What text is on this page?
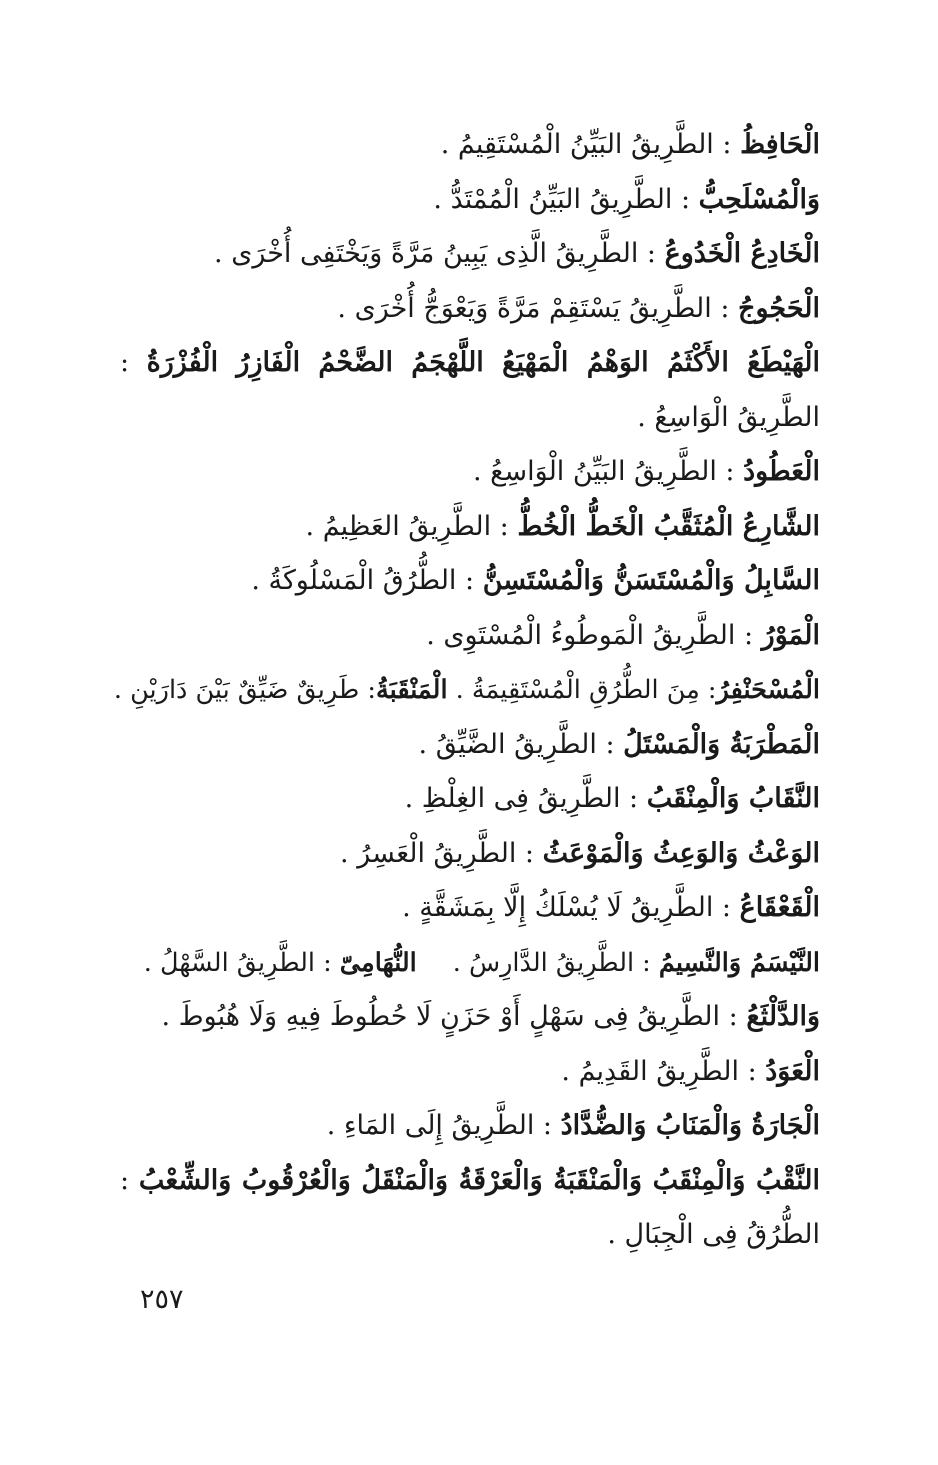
الْحَافِظُ : الطَّرِيقُ البَيِّنُ الْمُسْتَقِيمُ .

وَالْمُسْلَحِبُّ : الطَّرِيقُ البَيِّنُ الْمُمْتَدُّ .

الْخَادِعُ الْخَدُوعُ : الطَّرِيقُ الَّذِى يَبِينُ مَرَّةً وَيَخْتَفِى أُخْرَى .

الْحَجُوجُ : الطَّرِيقُ يَسْتَقِمْ مَرَّةً وَيَعْوَجُّ أُخْرَى .

الْهَيْطَعُ الأَكْثَمُ الوَهْمُ الْمَهْيَعُ اللَّهْجَمُ الضَّحْمُ الْفَازِرُ الْفُزْرَةُ : الطَّرِيقُ الْوَاسِعُ .

الْعَطُودُ : الطَّرِيقُ البَيِّنُ الْوَاسِعُ .

الشَّارِعُ الْمُثَقَّبُ الْخَطُّ الْخُطُّ : الطَّرِيقُ العَظِيمُ .

السَّابِلُ وَالْمُسْتَسَنُّ وَالْمُسْتَسِنُّ : الطُّرُقُ الْمَسْلُوكَةُ .

الْمَوْرُ : الطَّرِيقُ الْمَوطُوءُ الْمُسْتَوِى .

الْمُسْحَنْفِرُ: مِنَ الطُّرُقِ الْمُسْتَقِيمَةُ . الْمَنْقَبَةُ: طَرِيقٌ ضَيِّقٌ بَيْنَ دَارَيْنِ .

الْمَطْرَبَةُ وَالْمَسْتَلُ : الطَّرِيقُ الضَّيِّقُ .

النَّقَابُ وَالْمِنْقَبُ : الطَّرِيقُ فِى الغِلْظِ .

الوَعْثُ وَالوَعِثُ وَالْمَوْعَثُ : الطَّرِيقُ الْعَسِرُ .

الْقَعْقَاعُ : الطَّرِيقُ لَا يُسْلَكُ إِلَّا بِمَشَقَّةٍ .

النَّيْسَمُ وَالنَّسِيمُ : الطَّرِيقُ الدَّارِسُ .النُّهَامِىّ : الطَّرِيقُ السَّهْلُ .

وَالدَّلْثَعُ : الطَّرِيقُ فِى سَهْلٍ أَوْ حَزَنٍ لَا حُطُوطَ فِيهِ وَلَا هُبُوطَ .

الْعَوَدُ : الطَّرِيقُ القَدِيمُ .

الْجَارَةُ وَالْمَنَابُ وَالضُّدَّادُ : الطَّرِيقُ إِلَى المَاءِ .

النَّقْبُ وَالْمِنْقَبُ وَالْمَنْقَبَةُ وَالْعَرْقَةُ وَالْمَنْقَلُ وَالْعُرْقُوبُ وَالشِّعْبُ : الطُّرُقُ فِى الْجِبَالِ .

٢٥٧
